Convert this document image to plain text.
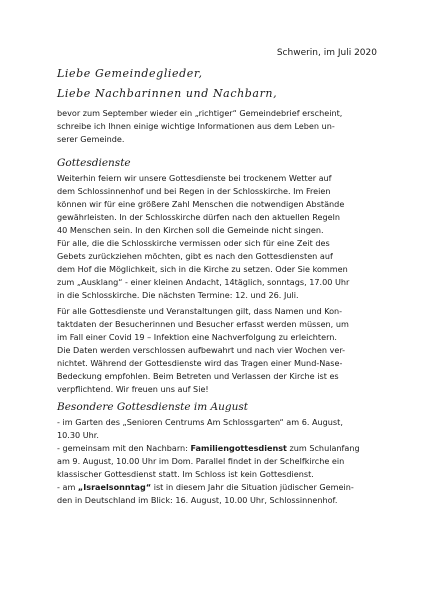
Schwerin, im Juli 2020
Liebe Gemeindeglieder,
Liebe Nachbarinnen und Nachbarn,
bevor zum September wieder ein „richtiger“ Gemeindebrief erscheint,
schreibe ich Ihnen einige wichtige Informationen aus dem Leben un-
serer Gemeinde.
Gottesdienste
Weiterhin feiern wir unsere Gottesdienste bei trockenem Wetter auf
dem Schlossinnenhof und bei Regen in der Schlosskirche. Im Freien
können wir für eine größere Zahl Menschen die notwendigen Abstände
gewährleisten. In der Schlosskirche dürfen nach den aktuellen Regeln
40 Menschen sein. In den Kirchen soll die Gemeinde nicht singen.
Für alle, die die Schlosskirche vermissen oder sich für eine Zeit des
Gebets zurückziehen möchten, gibt es nach den Gottesdiensten auf
dem Hof die Möglichkeit, sich in die Kirche zu setzen. Oder Sie kommen
zum „Ausklang“ - einer kleinen Andacht, 14täglich, sonntags, 17.00 Uhr
in die Schlosskirche. Die nächsten Termine: 12. und 26. Juli.
Für alle Gottesdienste und Veranstaltungen gilt, dass Namen und Kon-
taktdaten der Besucherinnen und Besucher erfasst werden müssen, um
im Fall einer Covid 19 – Infektion eine Nachverfolgung zu erleichtern.
Die Daten werden verschlossen aufbewahrt und nach vier Wochen ver-
nichtet. Während der Gottesdienste wird das Tragen einer Mund-Nase-
Bedeckung empfohlen. Beim Betreten und Verlassen der Kirche ist es
verpflichtend. Wir freuen uns auf Sie!
Besondere Gottesdienste im August
- im Garten des „Senioren Centrums Am Schlossgarten“ am 6. August,
10.30 Uhr.
- gemeinsam mit den Nachbarn: Familiengottesdienst zum Schulanfang
am 9. August, 10.00 Uhr im Dom. Parallel findet in der Schelfkirche ein
klassischer Gottesdienst statt. Im Schloss ist kein Gottesdienst.
- am „Israelsonntag“ ist in diesem Jahr die Situation jüdischer Gemein-
den in Deutschland im Blick: 16. August, 10.00 Uhr, Schlossinnenhof.
